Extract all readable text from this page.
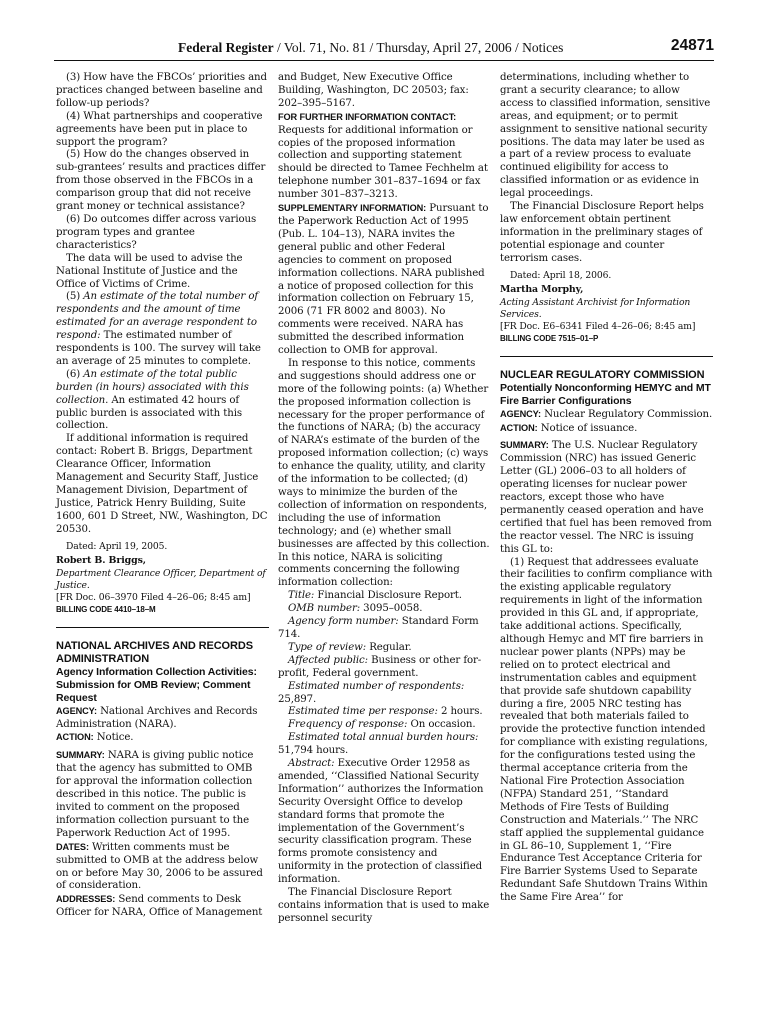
Federal Register / Vol. 71, No. 81 / Thursday, April 27, 2006 / Notices	24871

(3) How have the FBCOs’ priorities and practices changed between baseline and follow-up periods?

(4) What partnerships and cooperative agreements have been put in place to support the program?

(5) How do the changes observed in sub-grantees’ results and practices differ from those observed in the FBCOs in a comparison group that did not receive grant money or technical assistance?

(6) Do outcomes differ across various program types and grantee characteristics?

The data will be used to advise the National Institute of Justice and the Office of Victims of Crime.

(5) An estimate of the total number of respondents and the amount of time estimated for an average respondent to respond: The estimated number of respondents is 100. The survey will take an average of 25 minutes to complete.

(6) An estimate of the total public burden (in hours) associated with this collection. An estimated 42 hours of public burden is associated with this collection.

If additional information is required contact: Robert B. Briggs, Department Clearance Officer, Information Management and Security Staff, Justice Management Division, Department of Justice, Patrick Henry Building, Suite 1600, 601 D Street, NW., Washington, DC 20530.

Dated: April 19, 2005.

Robert B. Briggs,

Department Clearance Officer, Department of Justice.

[FR Doc. 06–3970 Filed 4–26–06; 8:45 am]

BILLING CODE 4410–18–M

NATIONAL ARCHIVES AND RECORDS ADMINISTRATION

Agency Information Collection Activities: Submission for OMB Review; Comment Request

AGENCY: National Archives and Records Administration (NARA).

ACTION: Notice.

SUMMARY: NARA is giving public notice that the agency has submitted to OMB for approval the information collection described in this notice. The public is invited to comment on the proposed information collection pursuant to the Paperwork Reduction Act of 1995.

DATES: Written comments must be submitted to OMB at the address below on or before May 30, 2006 to be assured of consideration.

ADDRESSES: Send comments to Desk Officer for NARA, Office of Management

and Budget, New Executive Office Building, Washington, DC 20503; fax: 202–395–5167.

FOR FURTHER INFORMATION CONTACT: Requests for additional information or copies of the proposed information collection and supporting statement should be directed to Tamee Fechhelm at telephone number 301–837–1694 or fax number 301–837–3213.

SUPPLEMENTARY INFORMATION: Pursuant to the Paperwork Reduction Act of 1995 (Pub. L. 104–13), NARA invites the general public and other Federal agencies to comment on proposed information collections. NARA published a notice of proposed collection for this information collection on February 15, 2006 (71 FR 8002 and 8003). No comments were received. NARA has submitted the described information collection to OMB for approval.

In response to this notice, comments and suggestions should address one or more of the following points: (a) Whether the proposed information collection is necessary for the proper performance of the functions of NARA; (b) the accuracy of NARA’s estimate of the burden of the proposed information collection; (c) ways to enhance the quality, utility, and clarity of the information to be collected; (d) ways to minimize the burden of the collection of information on respondents, including the use of information technology; and (e) whether small businesses are affected by this collection. In this notice, NARA is soliciting comments concerning the following information collection:

Title: Financial Disclosure Report.

OMB number: 3095–0058.

Agency form number: Standard Form 714.

Type of review: Regular.

Affected public: Business or other for-profit, Federal government.

Estimated number of respondents: 25,897.

Estimated time per response: 2 hours.

Frequency of response: On occasion.

Estimated total annual burden hours: 51,794 hours.

Abstract: Executive Order 12958 as amended, ‘‘Classified National Security Information’’ authorizes the Information Security Oversight Office to develop standard forms that promote the implementation of the Government’s security classification program. These forms promote consistency and uniformity in the protection of classified information.

The Financial Disclosure Report contains information that is used to make personnel security

determinations, including whether to grant a security clearance; to allow access to classified information, sensitive areas, and equipment; or to permit assignment to sensitive national security positions. The data may later be used as a part of a review process to evaluate continued eligibility for access to classified information or as evidence in legal proceedings.

The Financial Disclosure Report helps law enforcement obtain pertinent information in the preliminary stages of potential espionage and counter terrorism cases.

Dated: April 18, 2006.

Martha Morphy,

Acting Assistant Archivist for Information Services.

[FR Doc. E6–6341 Filed 4–26–06; 8:45 am]

BILLING CODE 7515–01–P

NUCLEAR REGULATORY COMMISSION

Potentially Nonconforming HEMYC and MT Fire Barrier Configurations

AGENCY: Nuclear Regulatory Commission.

ACTION: Notice of issuance.

SUMMARY: The U.S. Nuclear Regulatory Commission (NRC) has issued Generic Letter (GL) 2006–03 to all holders of operating licenses for nuclear power reactors, except those who have permanently ceased operation and have certified that fuel has been removed from the reactor vessel. The NRC is issuing this GL to:

(1) Request that addressees evaluate their facilities to confirm compliance with the existing applicable regulatory requirements in light of the information provided in this GL and, if appropriate, take additional actions. Specifically, although Hemyc and MT fire barriers in nuclear power plants (NPPs) may be relied on to protect electrical and instrumentation cables and equipment that provide safe shutdown capability during a fire, 2005 NRC testing has revealed that both materials failed to provide the protective function intended for compliance with existing regulations, for the configurations tested using the thermal acceptance criteria from the National Fire Protection Association (NFPA) Standard 251, ‘‘Standard Methods of Fire Tests of Building Construction and Materials.’’ The NRC staff applied the supplemental guidance in GL 86–10, Supplement 1, ‘‘Fire Endurance Test Acceptance Criteria for Fire Barrier Systems Used to Separate Redundant Safe Shutdown Trains Within the Same Fire Area’’ for
